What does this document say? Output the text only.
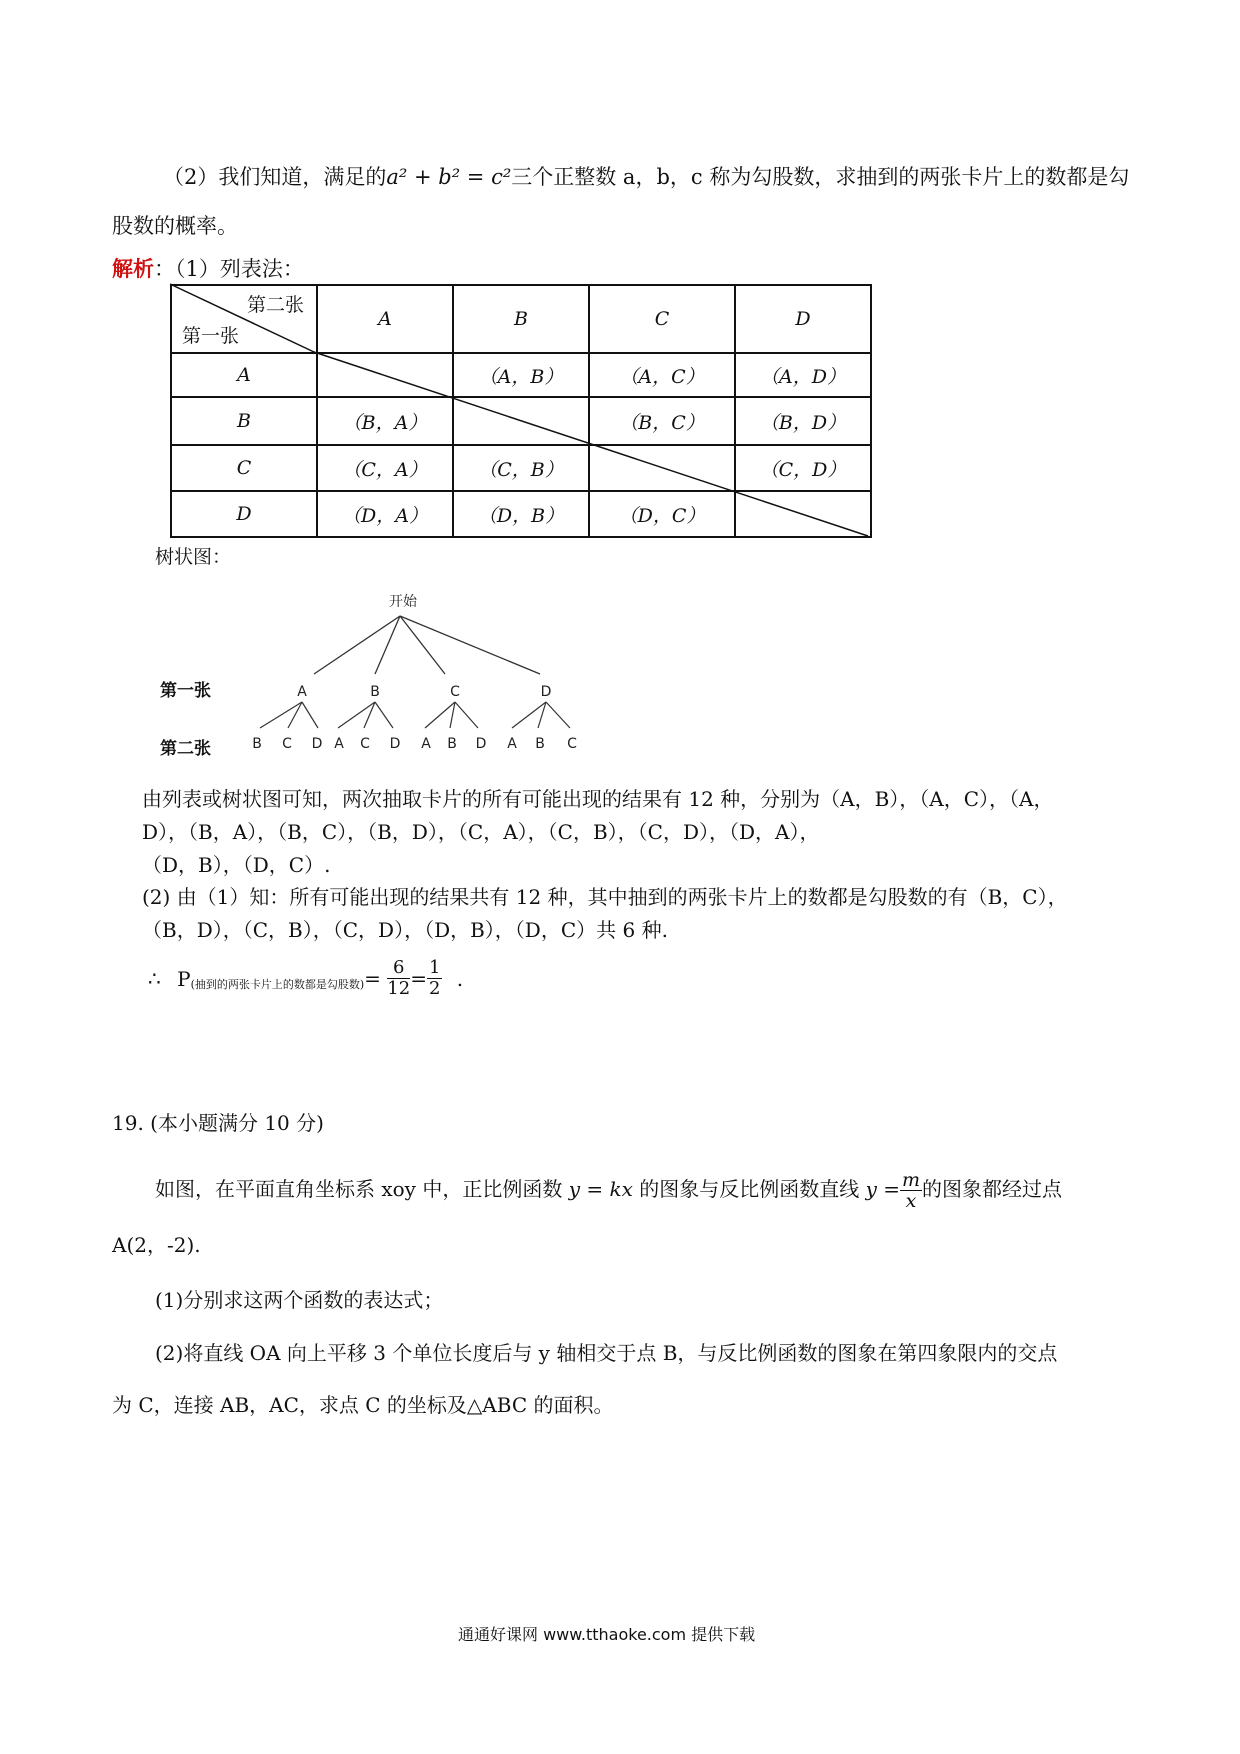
（2）我们知道，满足的a² + b² = c²三个正整数 a，b，c 称为勾股数，求抽到的两张卡片上的数都是勾
股数的概率。
解析：（1）列表法：
第二张
第一张	A	B	C	D
A		（A，B）	（A，C）	（A，D）
B	（B，A）		（B，C）	（B，D）
C	（C，A）	（C，B）		（C，D）
D	（D，A）	（D，B）	（D，C）	
树状图：
第一张
第二张
开始
A	B	C	D
B C D A C D A B D A B C
由列表或树状图可知，两次抽取卡片的所有可能出现的结果有 12 种，分别为（A，B），（A，C），（A，
D），（B，A），（B，C），（B，D），（C，A），（C，B），（C，D），（D，A），
（D，B），（D，C）.
(2) 由（1）知：所有可能出现的结果共有 12 种，其中抽到的两张卡片上的数都是勾股数的有（B，C），
（B，D），（C，B），（C，D），（D，B），（D，C）共 6 种.
∴ $P_{(抽到的两张卡片上的数都是勾股数)}= \frac{6}{12} = \frac{1}{2}$ .
19. (本小题满分 10 分)
如图，在平面直角坐标系 xoy 中，正比例函数 y = kx 的图象与反比例函数直线 $y = \frac{m}{x}$ 的图象都经过点
A(2，-2).
(1)分别求这两个函数的表达式；
(2)将直线 OA 向上平移 3 个单位长度后与 y 轴相交于点 B，与反比例函数的图象在第四象限内的交点
为 C，连接 AB，AC，求点 C 的坐标及△ABC 的面积。
通通好课网 www.tthaoke.com 提供下载
